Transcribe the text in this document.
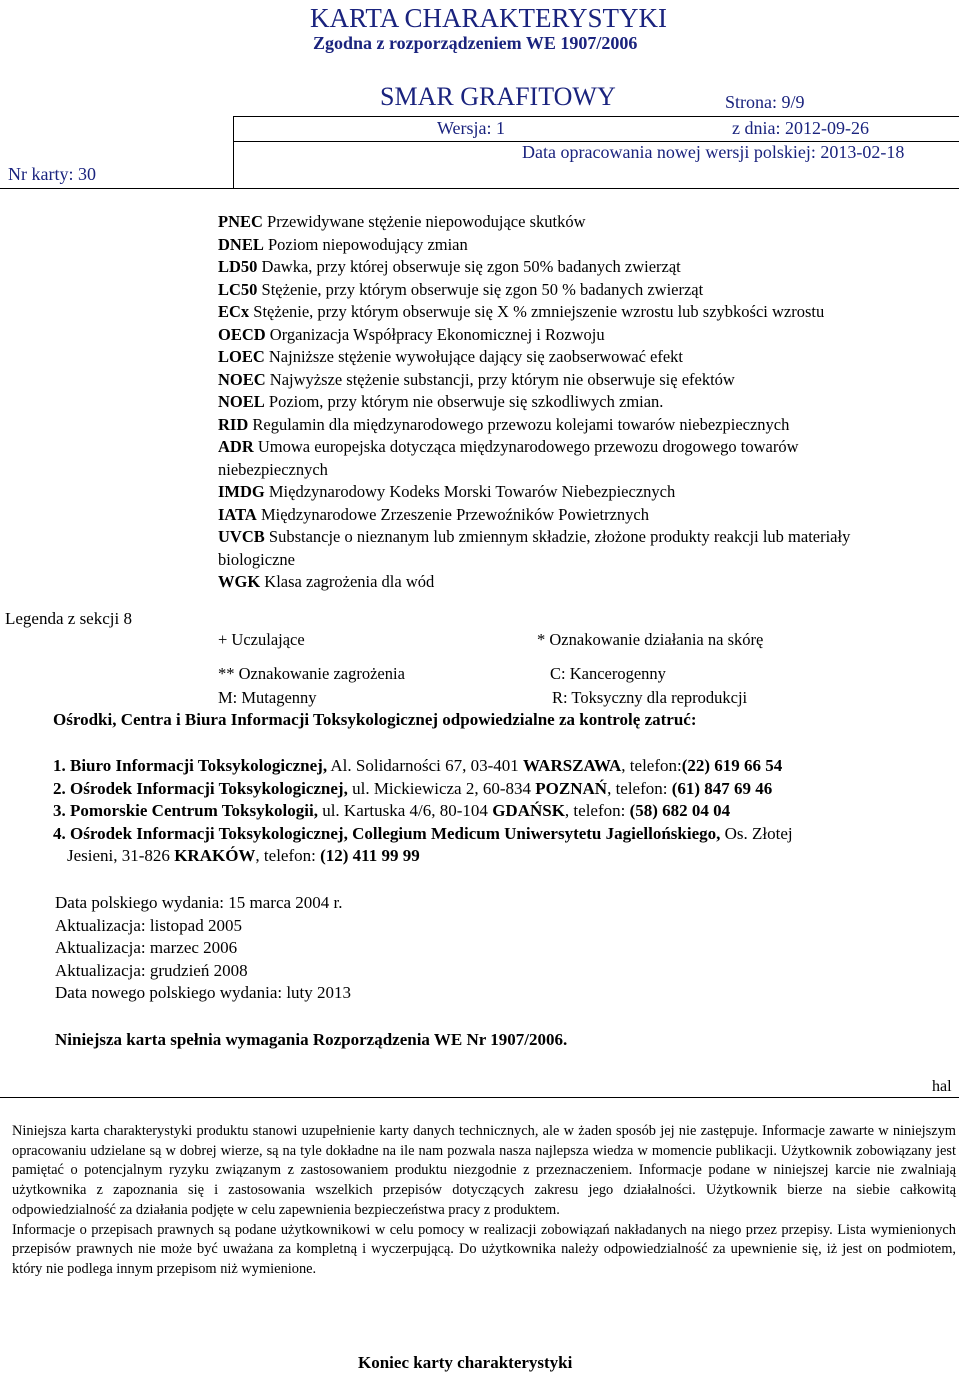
KARTA CHARAKTERYSTYKI
Zgodna z rozporządzeniem WE 1907/2006
SMAR GRAFITOWY	Strona: 9/9
Wersja: 1	z dnia: 2012-09-26
Data opracowania nowej wersji polskiej: 2013-02-18
Nr karty: 30
Legenda z sekcji 8
PNEC Przewidywane stężenie niepowodujące skutków
DNEL Poziom niepowodujący zmian
LD50 Dawka, przy której obserwuje się zgon 50% badanych zwierząt
LC50 Stężenie, przy którym obserwuje się zgon 50 % badanych zwierząt
ECx Stężenie, przy którym obserwuje się X % zmniejszenie wzrostu lub szybkości wzrostu
OECD Organizacja Współpracy Ekonomicznej i Rozwoju
LOEC Najniższe stężenie wywołujące dający się zaobserwować efekt
NOEC Najwyższe stężenie substancji, przy którym nie obserwuje się efektów
NOEL Poziom, przy którym nie obserwuje się szkodliwych zmian.
RID Regulamin dla międzynarodowego przewozu kolejami towarów niebezpiecznych
ADR Umowa europejska dotycząca międzynarodowego przewozu drogowego towarów niebezpiecznych
IMDG Międzynarodowy Kodeks Morski Towarów Niebezpiecznych
IATA Międzynarodowe Zrzeszenie Przewoźników Powietrznych
UVCB Substancje o nieznanym lub zmiennym składzie, złożone produkty reakcji lub materiały biologiczne
WGK Klasa zagrożenia dla wód
+ Uczulające	* Oznakowanie działania na skórę
** Oznakowanie zagrożenia	C: Kancerogenny
M: Mutagenny	R: Toksyczny dla reprodukcji
Ośrodki, Centra i Biura Informacji Toksykologicznej odpowiedzialne za kontrolę zatruć:
1. Biuro Informacji Toksykologicznej, Al. Solidarności 67, 03-401 WARSZAWA, telefon:(22) 619 66 54
2. Ośrodek Informacji Toksykologicznej, ul. Mickiewicza 2, 60-834 POZNAŃ, telefon: (61) 847 69 46
3. Pomorskie Centrum Toksykologii, ul. Kartuska 4/6, 80-104 GDAŃSK, telefon: (58) 682 04 04
4. Ośrodek Informacji Toksykologicznej, Collegium Medicum Uniwersytetu Jagiellońskiego, Os. Złotej
Jesieni, 31-826 KRAKÓW, telefon: (12) 411 99 99
Data polskiego wydania: 15 marca 2004 r.
Aktualizacja: listopad 2005
Aktualizacja: marzec 2006
Aktualizacja: grudzień 2008
Data nowego polskiego wydania: luty 2013
Niniejsza karta spełnia wymagania Rozporządzenia WE Nr 1907/2006.
hal

Niniejsza karta charakterystyki produktu stanowi uzupełnienie karty danych technicznych, ale w żaden sposób jej nie zastępuje. Informacje zawarte w niniejszym opracowaniu udzielane są w dobrej wierze, są na tyle dokładne na ile nam pozwala nasza najlepsza wiedza w momencie publikacji. Użytkownik zobowiązany jest pamiętać o potencjalnym ryzyku związanym z zastosowaniem produktu niezgodnie z przeznaczeniem. Informacje podane w niniejszej karcie nie zwalniają użytkownika z zapoznania się i zastosowania wszelkich przepisów dotyczących zakresu jego działalności. Użytkownik bierze na siebie całkowitą odpowiedzialność za działania podjęte w celu zapewnienia bezpieczeństwa pracy z produktem.

Informacje o przepisach prawnych są podane użytkownikowi w celu pomocy w realizacji zobowiązań nakładanych na niego przez przepisy. Lista wymienionych przepisów prawnych nie może być uważana za kompletną i wyczerpującą. Do użytkownika należy odpowiedzialność za upewnienie się, iż jest on podmiotem, który nie podlega innym przepisom niż wymienione.

Koniec karty charakterystyki
